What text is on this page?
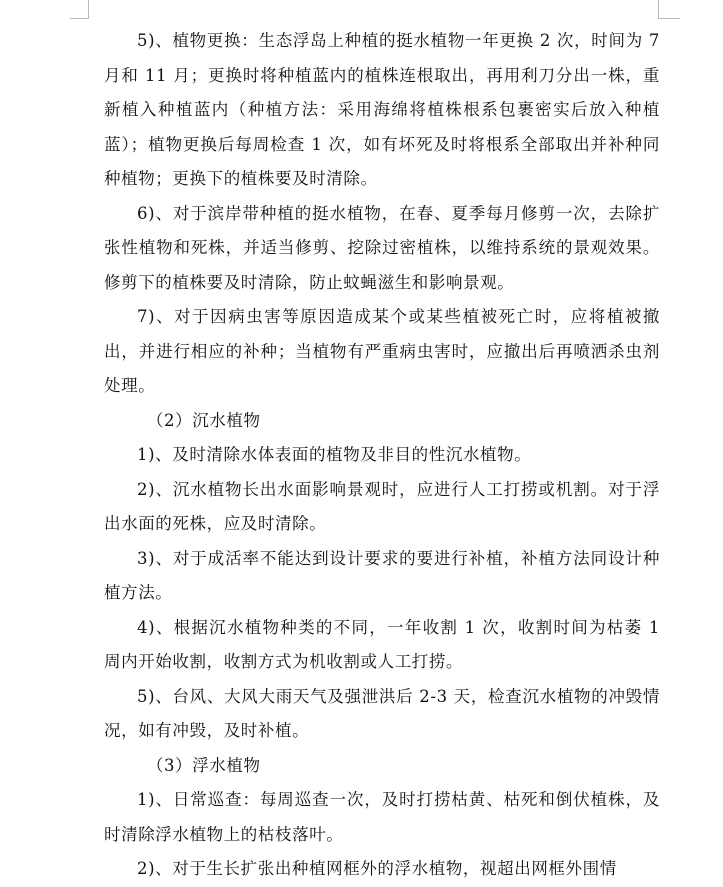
5)、植物更换：生态浮岛上种植的挺水植物一年更换 2 次，时间为 7 月和 11 月；更换时将种植蓝内的植株连根取出，再用利刀分出一株，重新植入种植蓝内（种植方法：采用海绵将植株根系包裹密实后放入种植蓝）；植物更换后每周检查 1 次，如有坏死及时将根系全部取出并补种同种植物；更换下的植株要及时清除。

6)、对于滨岸带种植的挺水植物，在春、夏季每月修剪一次，去除扩张性植物和死株，并适当修剪、挖除过密植株，以维持系统的景观效果。修剪下的植株要及时清除，防止蚊蝇滋生和影响景观。

7)、对于因病虫害等原因造成某个或某些植被死亡时，应将植被撤出，并进行相应的补种；当植物有严重病虫害时，应撤出后再喷洒杀虫剂处理。

（2）沉水植物

1)、及时清除水体表面的植物及非目的性沉水植物。

2)、沉水植物长出水面影响景观时，应进行人工打捞或机割。对于浮出水面的死株，应及时清除。

3)、对于成活率不能达到设计要求的要进行补植，补植方法同设计种植方法。

4)、根据沉水植物种类的不同，一年收割 1 次，收割时间为枯萎 1 周内开始收割，收割方式为机收割或人工打捞。

5)、台风、大风大雨天气及强泄洪后 2-3 天，检查沉水植物的冲毁情况，如有冲毁，及时补植。

（3）浮水植物

1)、日常巡查：每周巡查一次，及时打捞枯黄、枯死和倒伏植株，及时清除浮水植物上的枯枝落叶。

2)、对于生长扩张出种植网框外的浮水植物，视超出网框外围情
